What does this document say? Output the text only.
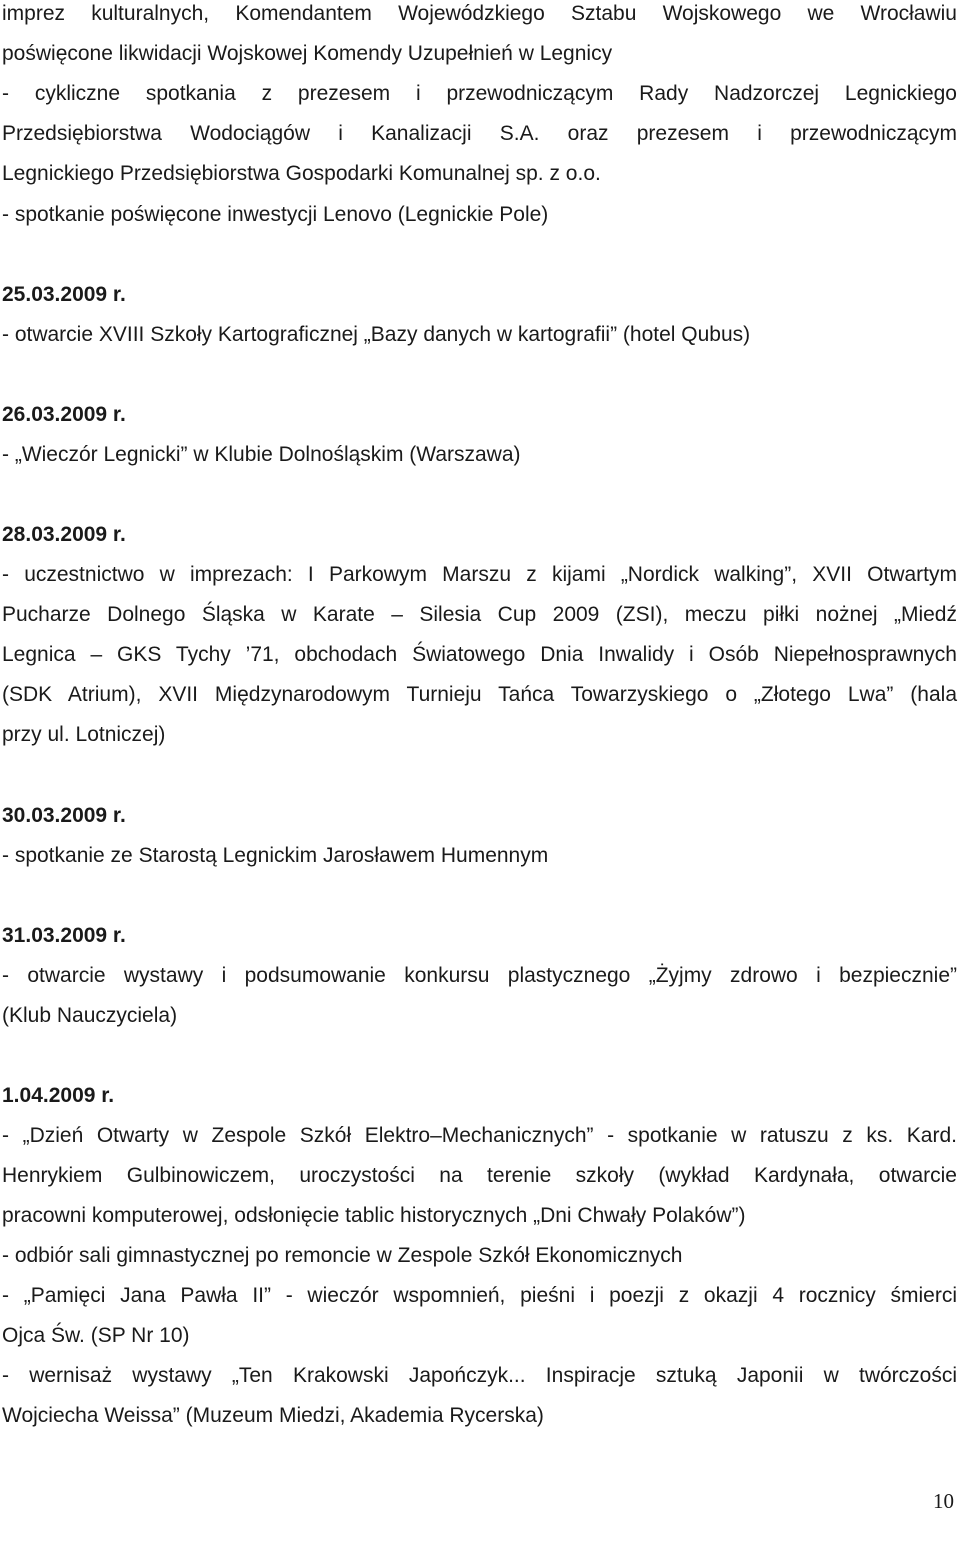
imprez kulturalnych, Komendantem Wojewódzkiego Sztabu Wojskowego we Wrocławiu
poświęcone likwidacji Wojskowej Komendy Uzupełnień w Legnicy
- cykliczne spotkania z prezesem i przewodniczącym Rady Nadzorczej Legnickiego
Przedsiębiorstwa Wodociągów i Kanalizacji S.A. oraz prezesem i przewodniczącym
Legnickiego Przedsiębiorstwa Gospodarki Komunalnej sp. z o.o.
- spotkanie poświęcone inwestycji Lenovo (Legnickie Pole)
25.03.2009 r.
- otwarcie XVIII Szkoły Kartograficznej „Bazy danych w kartografii” (hotel Qubus)
26.03.2009 r.
- „Wieczór Legnicki” w Klubie Dolnośląskim (Warszawa)
28.03.2009 r.
- uczestnictwo w imprezach: I Parkowym Marszu z kijami „Nordick walking”, XVII Otwartym
Pucharze Dolnego Śląska w Karate – Silesia Cup 2009 (ZSI), meczu piłki nożnej „Miedź
Legnica – GKS Tychy ’71, obchodach Światowego Dnia Inwalidy i Osób Niepełnosprawnych
(SDK Atrium), XVII Międzynarodowym Turnieju Tańca Towarzyskiego o „Złotego Lwa” (hala
przy ul. Lotniczej)
30.03.2009 r.
- spotkanie ze Starostą Legnickim Jarosławem Humennym
31.03.2009 r.
- otwarcie wystawy i podsumowanie konkursu plastycznego „Żyjmy zdrowo i bezpiecznie”
(Klub Nauczyciela)
1.04.2009 r.
- „Dzień Otwarty w Zespole Szkół Elektro–Mechanicznych” - spotkanie w ratuszu z ks. Kard.
Henrykiem Gulbinowiczem, uroczystości na terenie szkoły (wykład Kardynała, otwarcie
pracowni komputerowej, odsłonięcie tablic historycznych „Dni Chwały Polaków”)
- odbiór sali gimnastycznej po remoncie w Zespole Szkół Ekonomicznych
- „Pamięci Jana Pawła II” - wieczór wspomnień, pieśni i poezji z okazji 4 rocznicy śmierci
Ojca Św. (SP Nr 10)
- wernisaż wystawy „Ten Krakowski Japończyk... Inspiracje sztuką Japonii w twórczości
Wojciecha Weissa” (Muzeum Miedzi, Akademia Rycerska)
10
